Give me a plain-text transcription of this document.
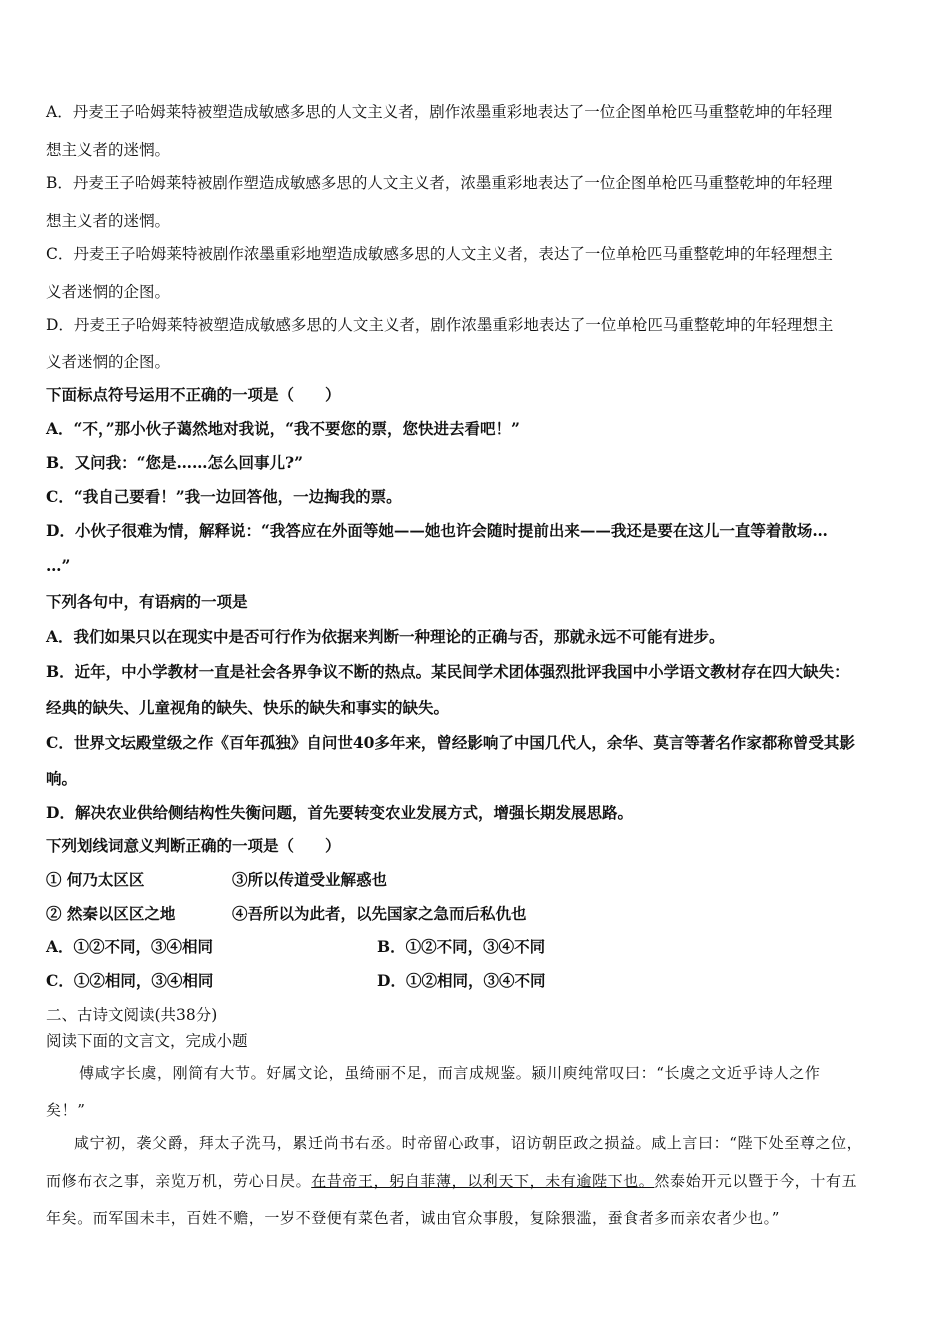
A．丹麦王子哈姆莱特被塑造成敏感多思的人文主义者，剧作浓墨重彩地表达了一位企图单枪匹马重整乾坤的年轻理
想主义者的迷惘。
B．丹麦王子哈姆莱特被剧作塑造成敏感多思的人文主义者，浓墨重彩地表达了一位企图单枪匹马重整乾坤的年轻理
想主义者的迷惘。
C．丹麦王子哈姆莱特被剧作浓墨重彩地塑造成敏感多思的人文主义者，表达了一位单枪匹马重整乾坤的年轻理想主
义者迷惘的企图。
D．丹麦王子哈姆莱特被塑造成敏感多思的人文主义者，剧作浓墨重彩地表达了一位单枪匹马重整乾坤的年轻理想主
义者迷惘的企图。
下面标点符号运用不正确的一项是（　　）
A．“不，”那小伙子蔼然地对我说，“我不要您的票，您快进去看吧！”
B．又问我：“您是……怎么回事儿?”
C．“我自己要看！”我一边回答他，一边掏我的票。
D．小伙子很难为情，解释说：“我答应在外面等她——她也许会随时提前出来——我还是要在这儿一直等着散场…
…”
下列各句中，有语病的一项是
A．我们如果只以在现实中是否可行作为依据来判断一种理论的正确与否，那就永远不可能有进步。
B．近年，中小学教材一直是社会各界争议不断的热点。某民间学术团体强烈批评我国中小学语文教材存在四大缺失：
经典的缺失、儿童视角的缺失、快乐的缺失和事实的缺失。
C．世界文坛殿堂级之作《百年孤独》自问世40多年来，曾经影响了中国几代人，余华、莫言等著名作家都称曾受其影
响。
D．解决农业供给侧结构性失衡问题，首先要转变农业发展方式，增强长期发展思路。
下列划线词意义判断正确的一项是（　　）
① 何乃太区区	③所以传道受业解惑也
② 然秦以区区之地	④吾所以为此者，以先国家之急而后私仇也
A．①②不同，③④相同	B．①②不同，③④不同
C．①②相同，③④相同	D．①②相同，③④不同
二、古诗文阅读(共38分)
阅读下面的文言文，完成小题
傅咸字长虞，刚简有大节。好属文论，虽绮丽不足，而言成规鉴。颍川庾纯常叹曰：“长虞之文近乎诗人之作
矣！”
咸宁初，袭父爵，拜太子洗马，累迁尚书右丞。时帝留心政事，诏访朝臣政之损益。咸上言曰：“陛下处至尊之位，
而修布衣之事，亲览万机，劳心日昃。在昔帝王，躬自菲薄，以利天下，未有逾陛下也。然泰始开元以暨于今，十有五
年矣。而军国未丰，百姓不赡，一岁不登便有菜色者，诚由官众事殷，复除猥滥，蚕食者多而亲农者少也。”
